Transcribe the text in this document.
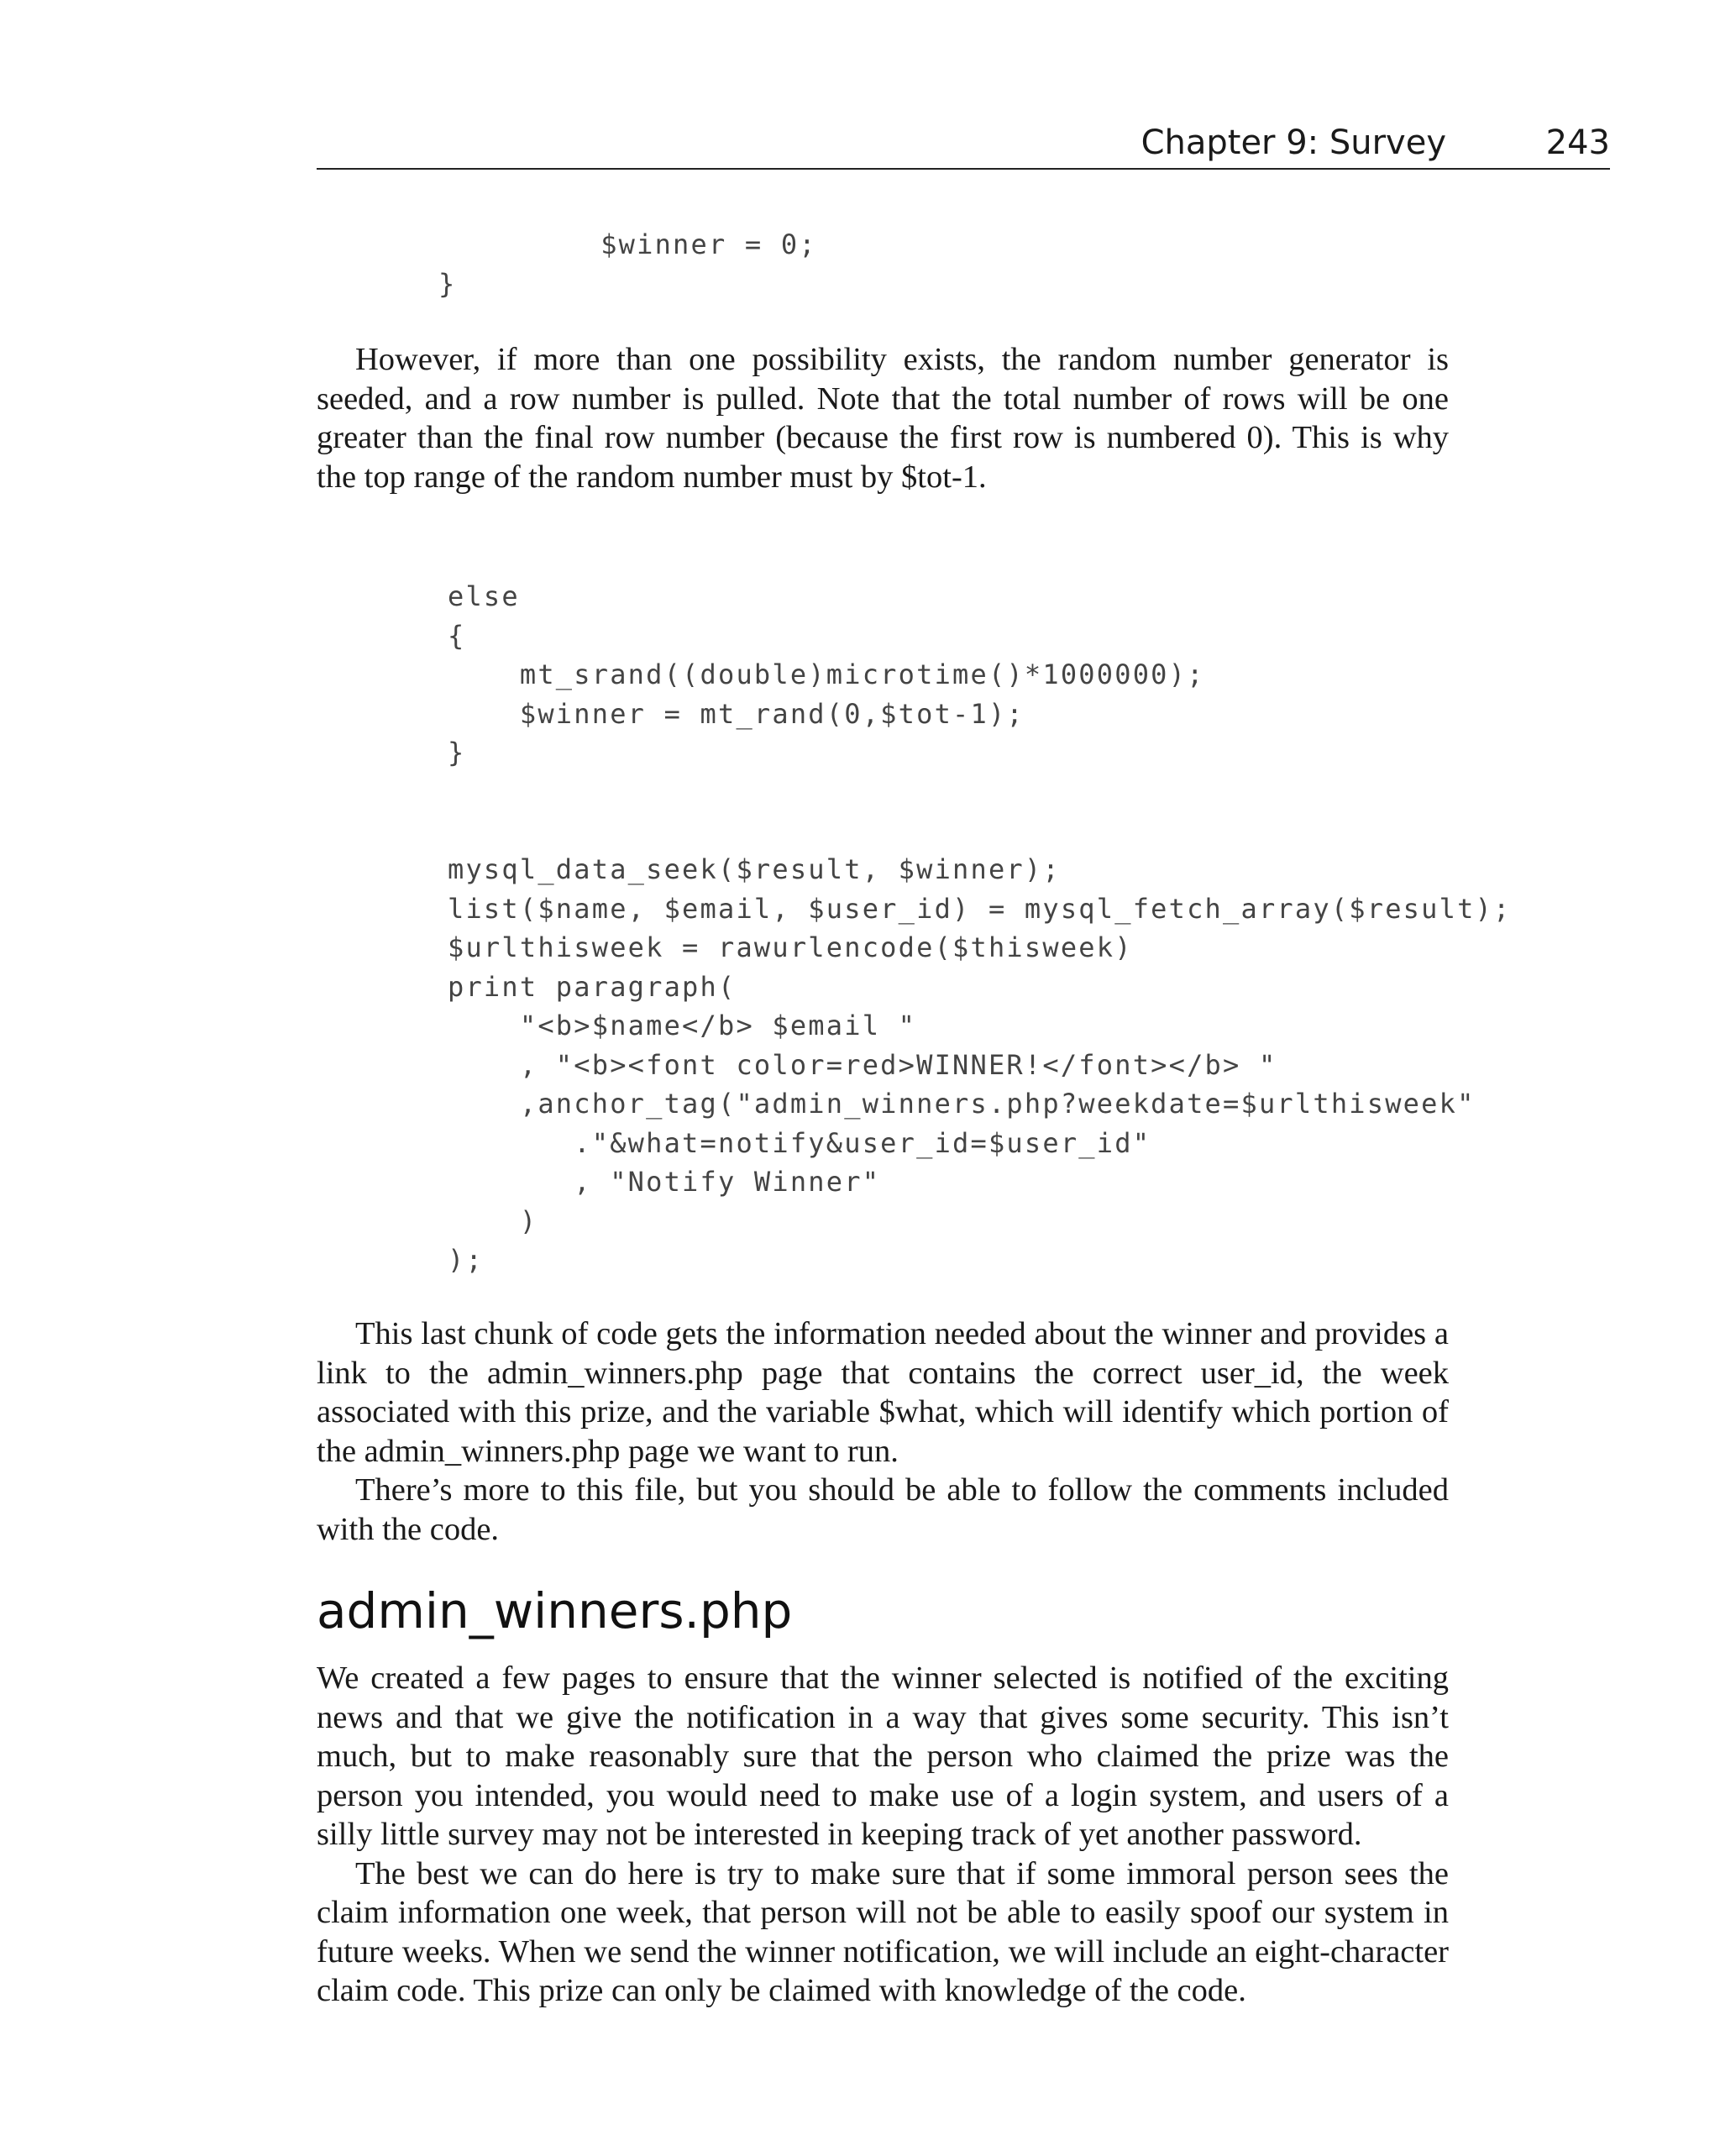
Chapter 9: Survey	243
$winner = 0;
}

However, if more than one possibility exists, the random number generator is seeded, and a row number is pulled. Note that the total number of rows will be one greater than the final row number (because the first row is numbered 0). This is why the top range of the random number must by $tot-1.

else
{
mt_srand((double)microtime()*1000000);
$winner = mt_rand(0,$tot-1);
}
mysql_data_seek($result, $winner);
list($name, $email, $user_id) = mysql_fetch_array($result);
$urlthisweek = rawurlencode($thisweek)
print paragraph(
"<b>$name</b> $email "
, "<b><font color=red>WINNER!</font></b> "
,anchor_tag("admin_winners.php?weekdate=$urlthisweek"
."&what=notify&user_id=$user_id"
, "Notify Winner"
)
);

This last chunk of code gets the information needed about the winner and provides a link to the admin_winners.php page that contains the correct user_id, the week associated with this prize, and the variable $what, which will identify which portion of the admin_winners.php page we want to run.

There’s more to this file, but you should be able to follow the comments included with the code.

admin_winners.php

We created a few pages to ensure that the winner selected is notified of the exciting news and that we give the notification in a way that gives some security. This isn’t much, but to make reasonably sure that the person who claimed the prize was the person you intended, you would need to make use of a login system, and users of a silly little survey may not be interested in keeping track of yet another password.

The best we can do here is try to make sure that if some immoral person sees the claim information one week, that person will not be able to easily spoof our system in future weeks. When we send the winner notification, we will include an eight-character claim code. This prize can only be claimed with knowledge of the code.
